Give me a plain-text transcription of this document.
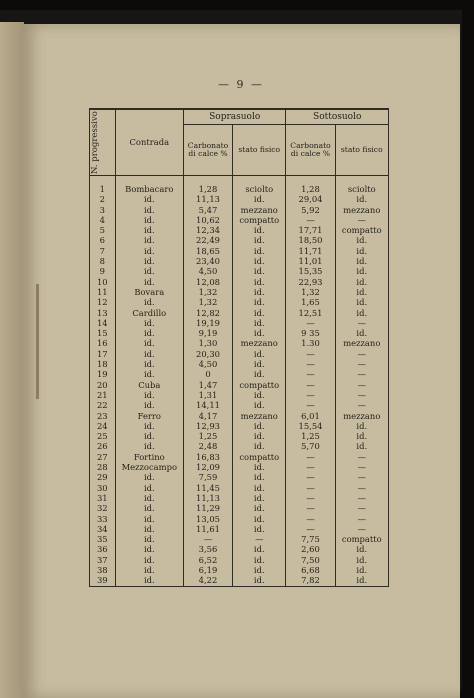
— 9 —
N. progressivo	Contrada	Soprasuolo		Sottosuolo	
		Carbonato di calce %	stato fisico	Carbonato di calce %	stato fisico
1	Bombacaro	1,28	sciolto	1,28	sciolto
2	id.	11,13	id.	29,04	id.
3	id.	5,47	mezzano	5,92	mezzano
4	id.	10,62	compatto	—	—
5	id.	12,34	id.	17,71	compatto
6	id.	22,49	id.	18,50	id.
7	id.	18,65	id.	11,71	id.
8	id.	23,40	id.	11,01	id.
9	id.	4,50	id.	15,35	id.
10	id.	12,08	id.	22,93	id.
11	Bovara	1,32	id.	1,32	id.
12	id.	1,32	id.	1,65	id.
13	Cardillo	12,82	id.	12,51	id.
14	id.	19,19	id.	—	—
15	id.	9,19	id.	9 35	id.
16	id.	1,30	mezzano	1.30	mezzano
17	id.	20,30	id.	—	—
18	id.	4,50	id.	—	—
19	id.	0	id.	—	—
20	Cuba	1,47	compatto	—	—
21	id.	1,31	id.	—	—
22	id.	14,11	id.	—	—
23	Ferro	4,17	mezzano	6,01	mezzano
24	id.	12,93	id.	15,54	id.
25	id.	1,25	id.	1,25	id.
26	id.	2,48	id.	5,70	id.
27	Fortino	16,83	compatto	—	—
28	Mezzocampo	12,09	id.	—	—
29	id.	7,59	id.	—	—
30	id.	11,45	id.	—	—
31	id.	11,13	id.	—	—
32	id.	11,29	id.	—	—
33	id.	13,05	id.	—	—
34	id.	11,61	id.	—	—
35	id.	—	—	7,75	compatto
36	id.	3,56	id.	2,60	id.
37	id.	6,52	id.	7,50	id.
38	id.	6,19	id.	6,68	id.
39	id.	4,22	id.	7,82	id.
